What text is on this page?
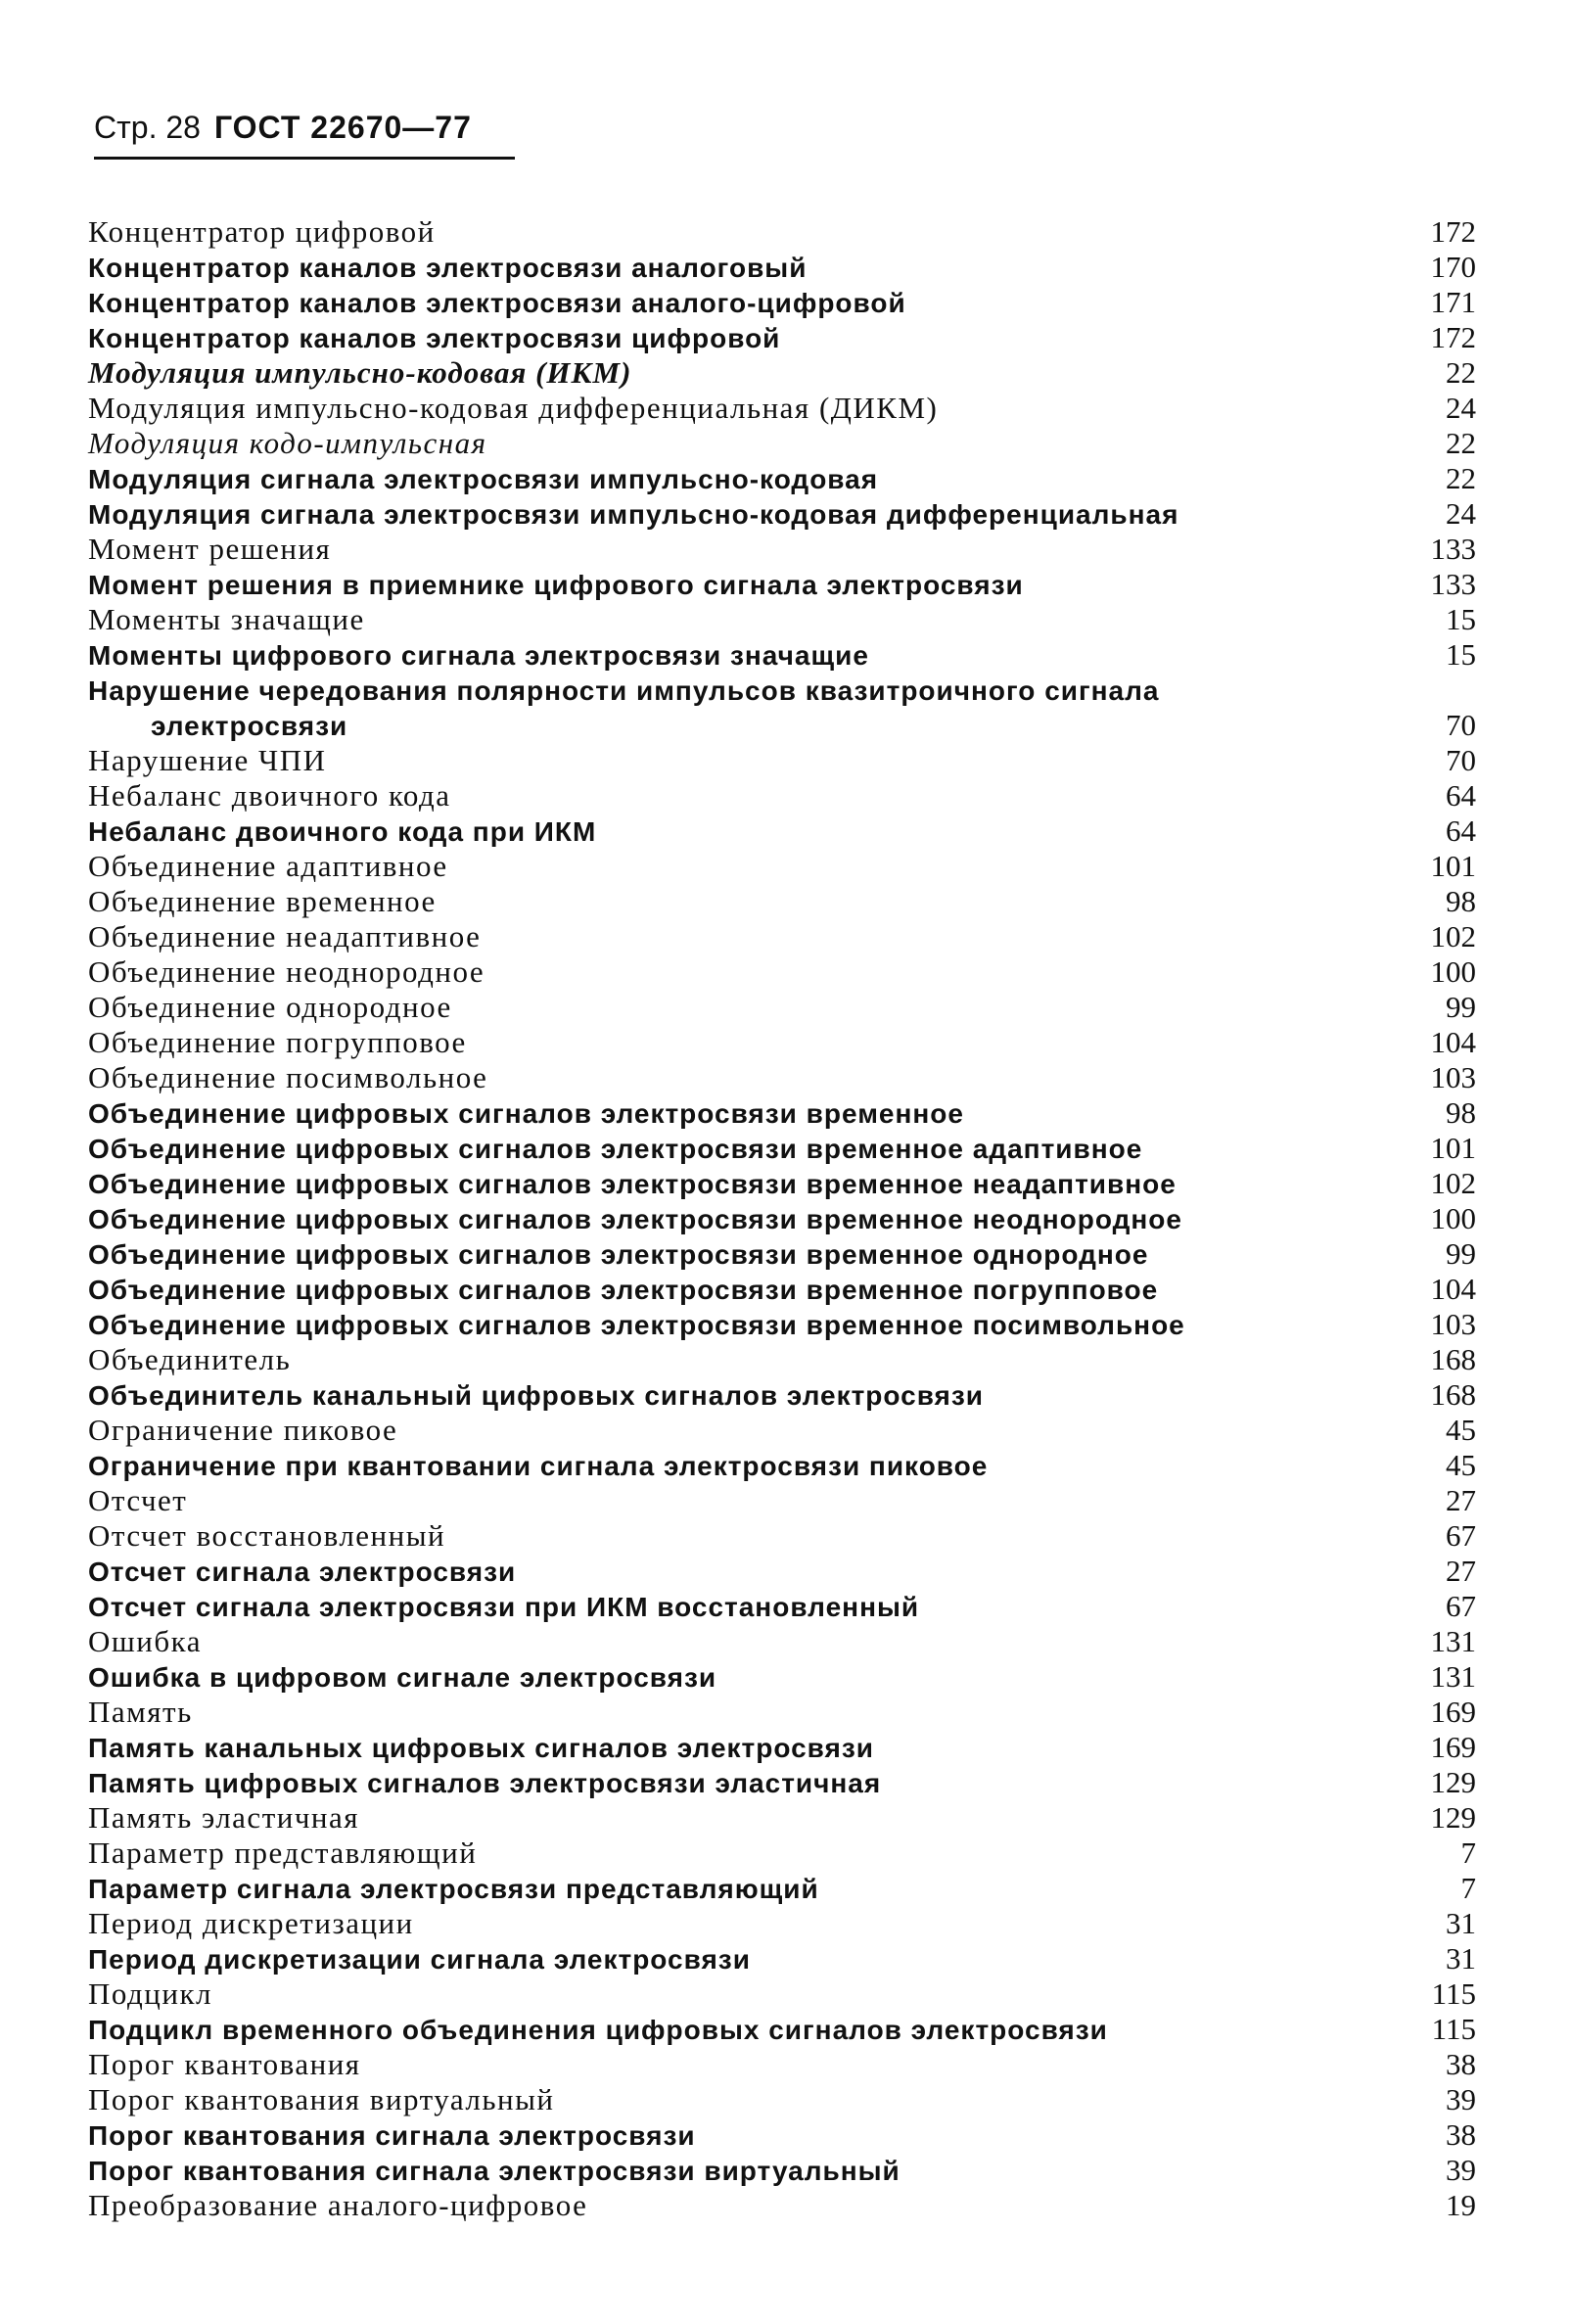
Стр. 28 ГОСТ 22670—77
Концентратор цифровой	172
Концентратор каналов электросвязи аналоговый	170
Концентратор каналов электросвязи аналого-цифровой	171
Концентратор каналов электросвязи цифровой	172
Модуляция импульсно-кодовая (ИКМ)	22
Модуляция импульсно-кодовая дифференциальная (ДИКМ)	24
Модуляция кодо-импульсная	22
Модуляция сигнала электросвязи импульсно-кодовая	22
Модуляция сигнала электросвязи импульсно-кодовая дифференциальная	24
Момент решения	133
Момент решения в приемнике цифрового сигнала электросвязи	133
Моменты значащие	15
Моменты цифрового сигнала электросвязи значащие	15
Нарушение чередования полярности импульсов квазитроичного сигнала
электросвязи	70
Нарушение ЧПИ	70
Небаланс двоичного кода	64
Небаланс двоичного кода при ИКМ	64
Объединение адаптивное	101
Объединение временное	98
Объединение неадаптивное	102
Объединение неоднородное	100
Объединение однородное	99
Объединение погрупповое	104
Объединение посимвольное	103
Объединение цифровых сигналов электросвязи временное	98
Объединение цифровых сигналов электросвязи временное адаптивное	101
Объединение цифровых сигналов электросвязи временное неадаптивное	102
Объединение цифровых сигналов электросвязи временное неоднородное	100
Объединение цифровых сигналов электросвязи временное однородное	99
Объединение цифровых сигналов электросвязи временное погрупповое	104
Объединение цифровых сигналов электросвязи временное посимвольное	103
Объединитель	168
Объединитель канальный цифровых сигналов электросвязи	168
Ограничение пиковое	45
Ограничение при квантовании сигнала электросвязи пиковое	45
Отсчет	27
Отсчет восстановленный	67
Отсчет сигнала электросвязи	27
Отсчет сигнала электросвязи при ИКМ восстановленный	67
Ошибка	131
Ошибка в цифровом сигнале электросвязи	131
Память	169
Память канальных цифровых сигналов электросвязи	169
Память цифровых сигналов электросвязи эластичная	129
Память эластичная	129
Параметр представляющий	7
Параметр сигнала электросвязи представляющий	7
Период дискретизации	31
Период дискретизации сигнала электросвязи	31
Подцикл	115
Подцикл временного объединения цифровых сигналов электросвязи	115
Порог квантования	38
Порог квантования виртуальный	39
Порог квантования сигнала электросвязи	38
Порог квантования сигнала электросвязи виртуальный	39
Преобразование аналого-цифровое	19
